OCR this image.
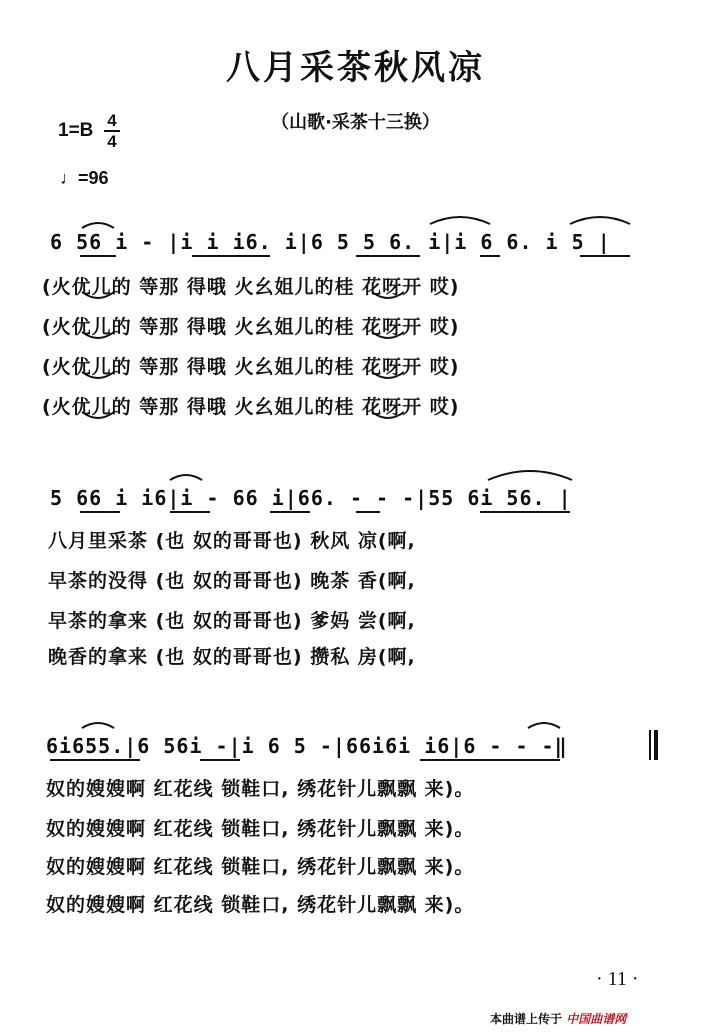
八月采茶秋风凉
（山歌·采茶十三换）
1=B 4
4
♩=96
6 56 i - |i i i6. i|6 5 5 6. i|i 6 6. i 5 |
(火优儿的 等那 得哦 火幺姐儿的桂 花呀开 哎)
(火优儿的 等那 得哦 火幺姐儿的桂 花呀开 哎)
(火优儿的 等那 得哦 火幺姐儿的桂 花呀开 哎)
(火优儿的 等那 得哦 火幺姐儿的桂 花呀开 哎)
5 66 i i6|i - 66 i|66. - - -|55 6i 56. |
八月里采茶 (也 奴的哥哥也) 秋风 凉(啊,
早茶的没得 (也 奴的哥哥也) 晚茶 香(啊,
早茶的拿来 (也 奴的哥哥也) 爹妈 尝(啊,
晚香的拿来 (也 奴的哥哥也) 攒私 房(啊,
6i655.|6 56i -|i 6 5 -|66i6i i6|6 - - -‖
奴的嫂嫂啊 红花线 锁鞋口, 绣花针儿飘飘 来)。
奴的嫂嫂啊 红花线 锁鞋口, 绣花针儿飘飘 来)。
奴的嫂嫂啊 红花线 锁鞋口, 绣花针儿飘飘 来)。
奴的嫂嫂啊 红花线 锁鞋口, 绣花针儿飘飘 来)。
· 11 ·
本曲谱上传于 中国曲谱网
